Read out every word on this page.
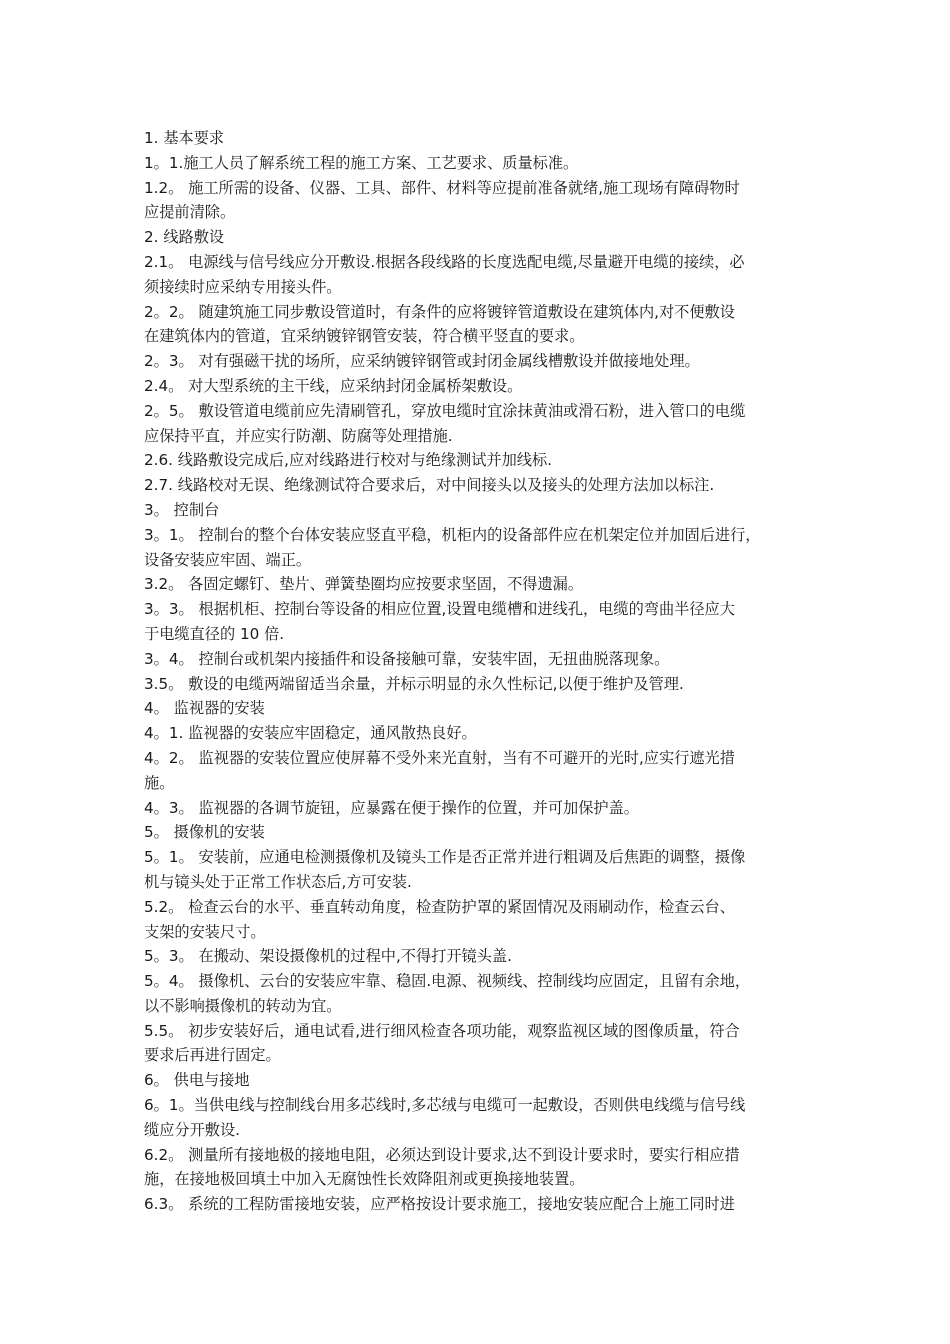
1. 基本要求
1。1.施工人员了解系统工程的施工方案、工艺要求、质量标准。
1.2。 施工所需的设备、仪器、工具、部件、材料等应提前准备就绪,施工现场有障碍物时
应提前清除。
2. 线路敷设
2.1。 电源线与信号线应分开敷设.根据各段线路的长度选配电缆,尽量避开电缆的接续，必
须接续时应采纳专用接头件。
2。2。 随建筑施工同步敷设管道时，有条件的应将镀锌管道敷设在建筑体内,对不便敷设
在建筑体内的管道，宜采纳镀锌钢管安装，符合横平竖直的要求。
2。3。 对有强磁干扰的场所，应采纳镀锌钢管或封闭金属线槽敷设并做接地处理。
2.4。 对大型系统的主干线，应采纳封闭金属桥架敷设。
2。5。 敷设管道电缆前应先清刷管孔，穿放电缆时宜涂抹黄油或滑石粉，进入管口的电缆
应保持平直，并应实行防潮、防腐等处理措施.
2.6. 线路敷设完成后,应对线路进行校对与绝缘测试并加线标.
2.7. 线路校对无误、绝缘测试符合要求后，对中间接头以及接头的处理方法加以标注.
3。 控制台
3。1。 控制台的整个台体安装应竖直平稳，机柜内的设备部件应在机架定位并加固后进行，
设备安装应牢固、端正。
3.2。 各固定螺钉、垫片、弹簧垫圈均应按要求坚固，不得遗漏。
3。3。 根据机柜、控制台等设备的相应位置,设置电缆槽和进线孔，电缆的弯曲半径应大
于电缆直径的 10 倍.
3。4。 控制台或机架内接插件和设备接触可靠，安装牢固，无扭曲脱落现象。
3.5。 敷设的电缆两端留适当余量，并标示明显的永久性标记,以便于维护及管理.
4。 监视器的安装
4。1. 监视器的安装应牢固稳定，通风散热良好。
4。2。 监视器的安装位置应使屏幕不受外来光直射，当有不可避开的光时,应实行遮光措
施。
4。3。 监视器的各调节旋钮，应暴露在便于操作的位置，并可加保护盖。
5。 摄像机的安装
5。1。 安装前，应通电检测摄像机及镜头工作是否正常并进行粗调及后焦距的调整，摄像
机与镜头处于正常工作状态后,方可安装.
5.2。 检查云台的水平、垂直转动角度，检查防护罩的紧固情况及雨刷动作，检查云台、
支架的安装尺寸。
5。3。 在搬动、架设摄像机的过程中,不得打开镜头盖.
5。4。 摄像机、云台的安装应牢靠、稳固.电源、视频线、控制线均应固定，且留有余地，
以不影响摄像机的转动为宜。
5.5。 初步安装好后，通电试看,进行细风检查各项功能，观察监视区域的图像质量，符合
要求后再进行固定。
6。 供电与接地
6。1。当供电线与控制线台用多芯线时,多芯绒与电缆可一起敷设，否则供电线缆与信号线
缆应分开敷设.
6.2。 测量所有接地极的接地电阻，必须达到设计要求,达不到设计要求时，要实行相应措
施，在接地极回填土中加入无腐蚀性长效降阻剂或更换接地装置。
6.3。 系统的工程防雷接地安装，应严格按设计要求施工，接地安装应配合上施工同时进
